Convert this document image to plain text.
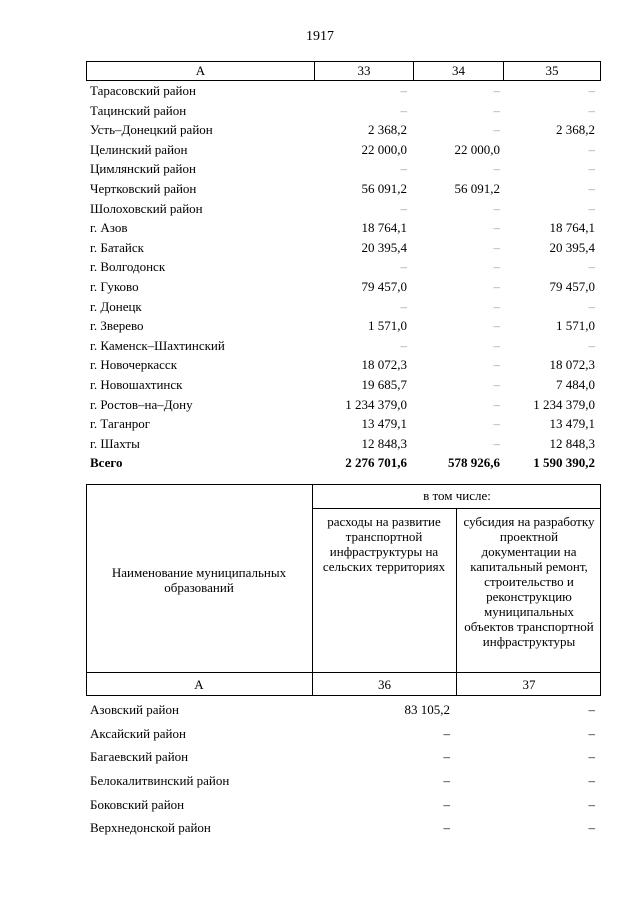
1917
А	33	34	35
Тарасовский район	–	–	–
Тацинский район	–	–	–
Усть–Донецкий район	2 368,2	–	2 368,2
Целинский район	22 000,0	22 000,0	–
Цимлянский район	–	–	–
Чертковский район	56 091,2	56 091,2	–
Шолоховский район	–	–	–
г. Азов	18 764,1	–	18 764,1
г. Батайск	20 395,4	–	20 395,4
г. Волгодонск	–	–	–
г. Гуково	79 457,0	–	79 457,0
г. Донецк	–	–	–
г. Зверево	1 571,0	–	1 571,0
г. Каменск–Шахтинский	–	–	–
г. Новочеркасск	18 072,3	–	18 072,3
г. Новошахтинск	19 685,7	–	7 484,0
г. Ростов–на–Дону	1 234 379,0	–	1 234 379,0
г. Таганрог	13 479,1	–	13 479,1
г. Шахты	12 848,3	–	12 848,3
Всего	2 276 701,6	578 926,6	1 590 390,2
Наименование муниципальных образований
в том числе:
расходы на развитие транспортной инфраструктуры на сельских территориях
субсидия на разработку проектной документации на капитальный ремонт, строительство и реконструкцию муниципальных объектов транспортной инфраструктуры
А	36	37
Азовский район	83 105,2	–
Аксайский район	–	–
Багаевский район	–	–
Белокалитвинский район	–	–
Боковский район	–	–
Верхнедонской район	–	–
